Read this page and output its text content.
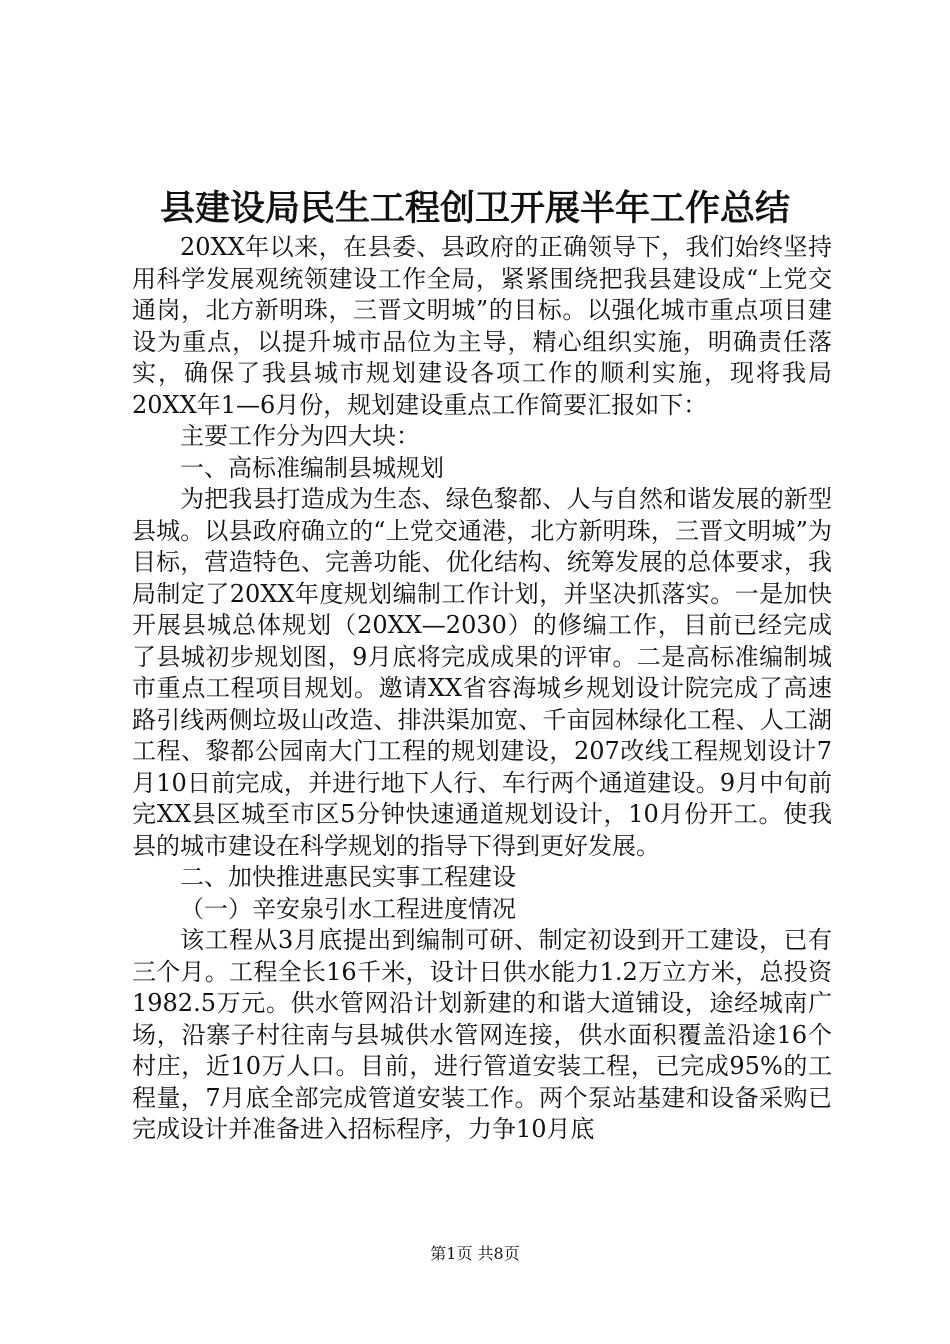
县建设局民生工程创卫开展半年工作总结

20XX年以来，在县委、县政府的正确领导下，我们始终坚持用科学发展观统领建设工作全局，紧紧围绕把我县建设成“上党交通岗，北方新明珠，三晋文明城”的目标。以强化城市重点项目建设为重点，以提升城市品位为主导，精心组织实施，明确责任落实，确保了我县城市规划建设各项工作的顺利实施，现将我局20XX年1—6月份，规划建设重点工作简要汇报如下：

主要工作分为四大块：

一、高标准编制县城规划

为把我县打造成为生态、绿色黎都、人与自然和谐发展的新型县城。以县政府确立的“上党交通港，北方新明珠，三晋文明城”为目标，营造特色、完善功能、优化结构、统筹发展的总体要求，我局制定了20XX年度规划编制工作计划，并坚决抓落实。一是加快开展县城总体规划（20XX—2030）的修编工作，目前已经完成了县城初步规划图，9月底将完成成果的评审。二是高标准编制城市重点工程项目规划。邀请XX省容海城乡规划设计院完成了高速路引线两侧垃圾山改造、排洪渠加宽、千亩园林绿化工程、人工湖工程、黎都公园南大门工程的规划建设，207改线工程规划设计7月10日前完成，并进行地下人行、车行两个通道建设。9月中旬前完XX县区城至市区5分钟快速通道规划设计，10月份开工。使我县的城市建设在科学规划的指导下得到更好发展。

二、加快推进惠民实事工程建设

（一）辛安泉引水工程进度情况

该工程从3月底提出到编制可研、制定初设到开工建设，已有三个月。工程全长16千米，设计日供水能力1.2万立方米，总投资1982.5万元。供水管网沿计划新建的和谐大道铺设，途经城南广场，沿寨子村往南与县城供水管网连接，供水面积覆盖沿途16个村庄，近10万人口。目前，进行管道安装工程，已完成95%的工程量，7月底全部完成管道安装工作。两个泵站基建和设备采购已完成设计并准备进入招标程序，力争10月底

第1页 共8页
